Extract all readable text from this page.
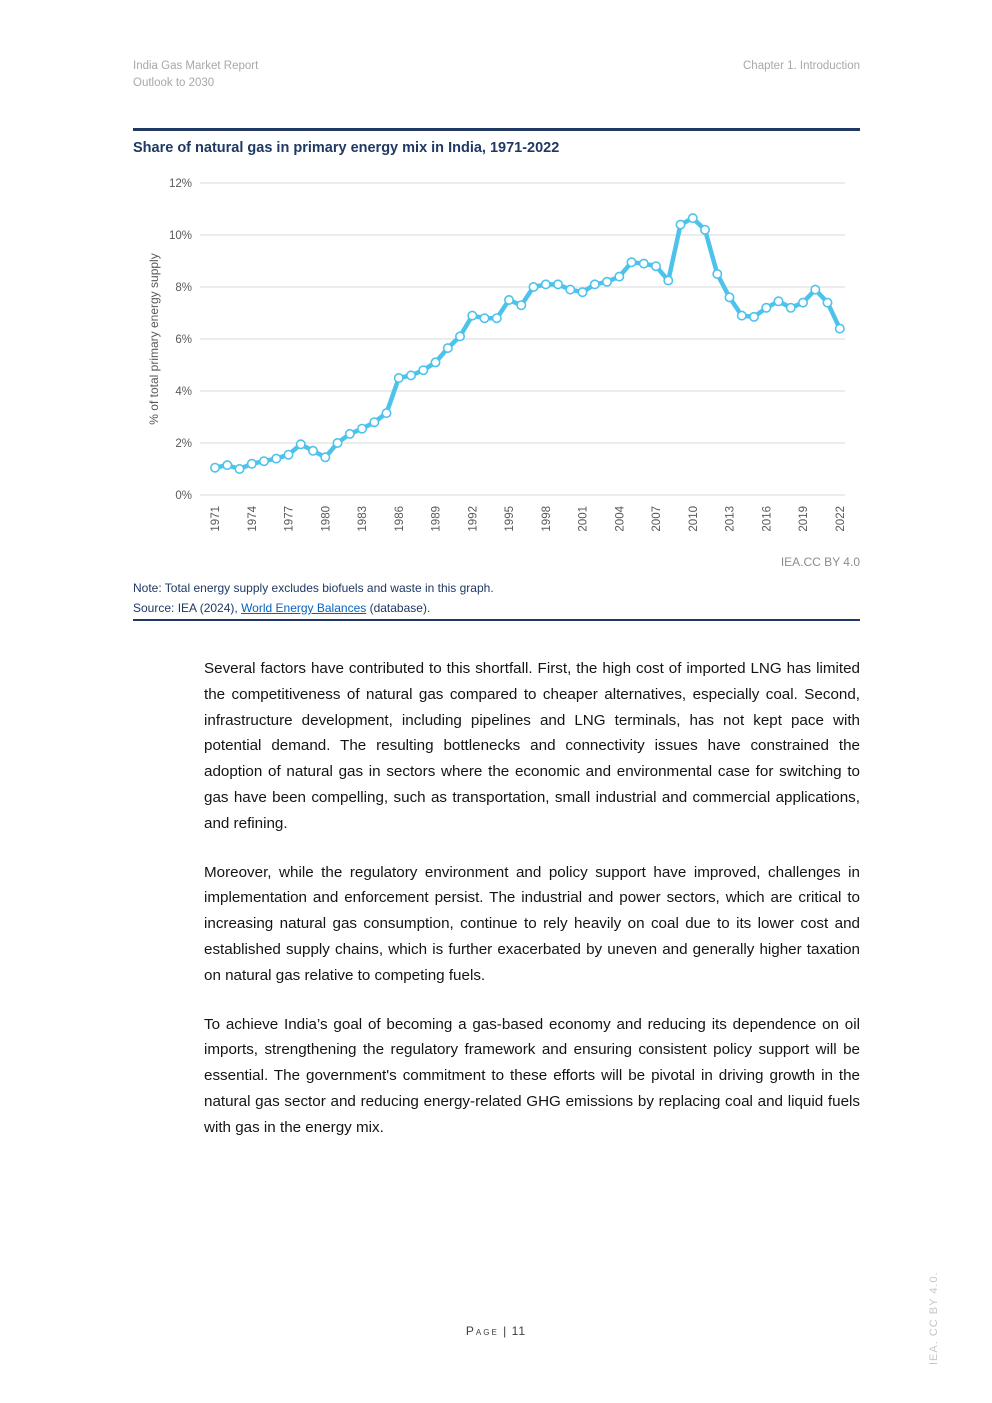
India Gas Market Report
Outlook to 2030
Chapter 1. Introduction
Share of natural gas in primary energy mix in India, 1971-2022
0%
2%
4%
6%
8%
10%
12%
% of total primary energy supply
1971 1974 1977 1980 1983 1986 1989 1992 1995 1998 2001 2004 2007 2010 2013 2016 2019 2022
IEA.CC BY 4.0
Note: Total energy supply excludes biofuels and waste in this graph.
Source: IEA (2024), World Energy Balances (database).

Several factors have contributed to this shortfall. First, the high cost of imported LNG has limited the competitiveness of natural gas compared to cheaper alternatives, especially coal. Second, infrastructure development, including pipelines and LNG terminals, has not kept pace with potential demand. The resulting bottlenecks and connectivity issues have constrained the adoption of natural gas in sectors where the economic and environmental case for switching to gas have been compelling, such as transportation, small industrial and commercial applications, and refining.

Moreover, while the regulatory environment and policy support have improved, challenges in implementation and enforcement persist. The industrial and power sectors, which are critical to increasing natural gas consumption, continue to rely heavily on coal due to its lower cost and established supply chains, which is further exacerbated by uneven and generally higher taxation on natural gas relative to competing fuels.

To achieve India’s goal of becoming a gas-based economy and reducing its dependence on oil imports, strengthening the regulatory framework and ensuring consistent policy support will be essential. The government's commitment to these efforts will be pivotal in driving growth in the natural gas sector and reducing energy-related GHG emissions by replacing coal and liquid fuels with gas in the energy mix.

Page | 11	IEA. CC BY 4.0.
